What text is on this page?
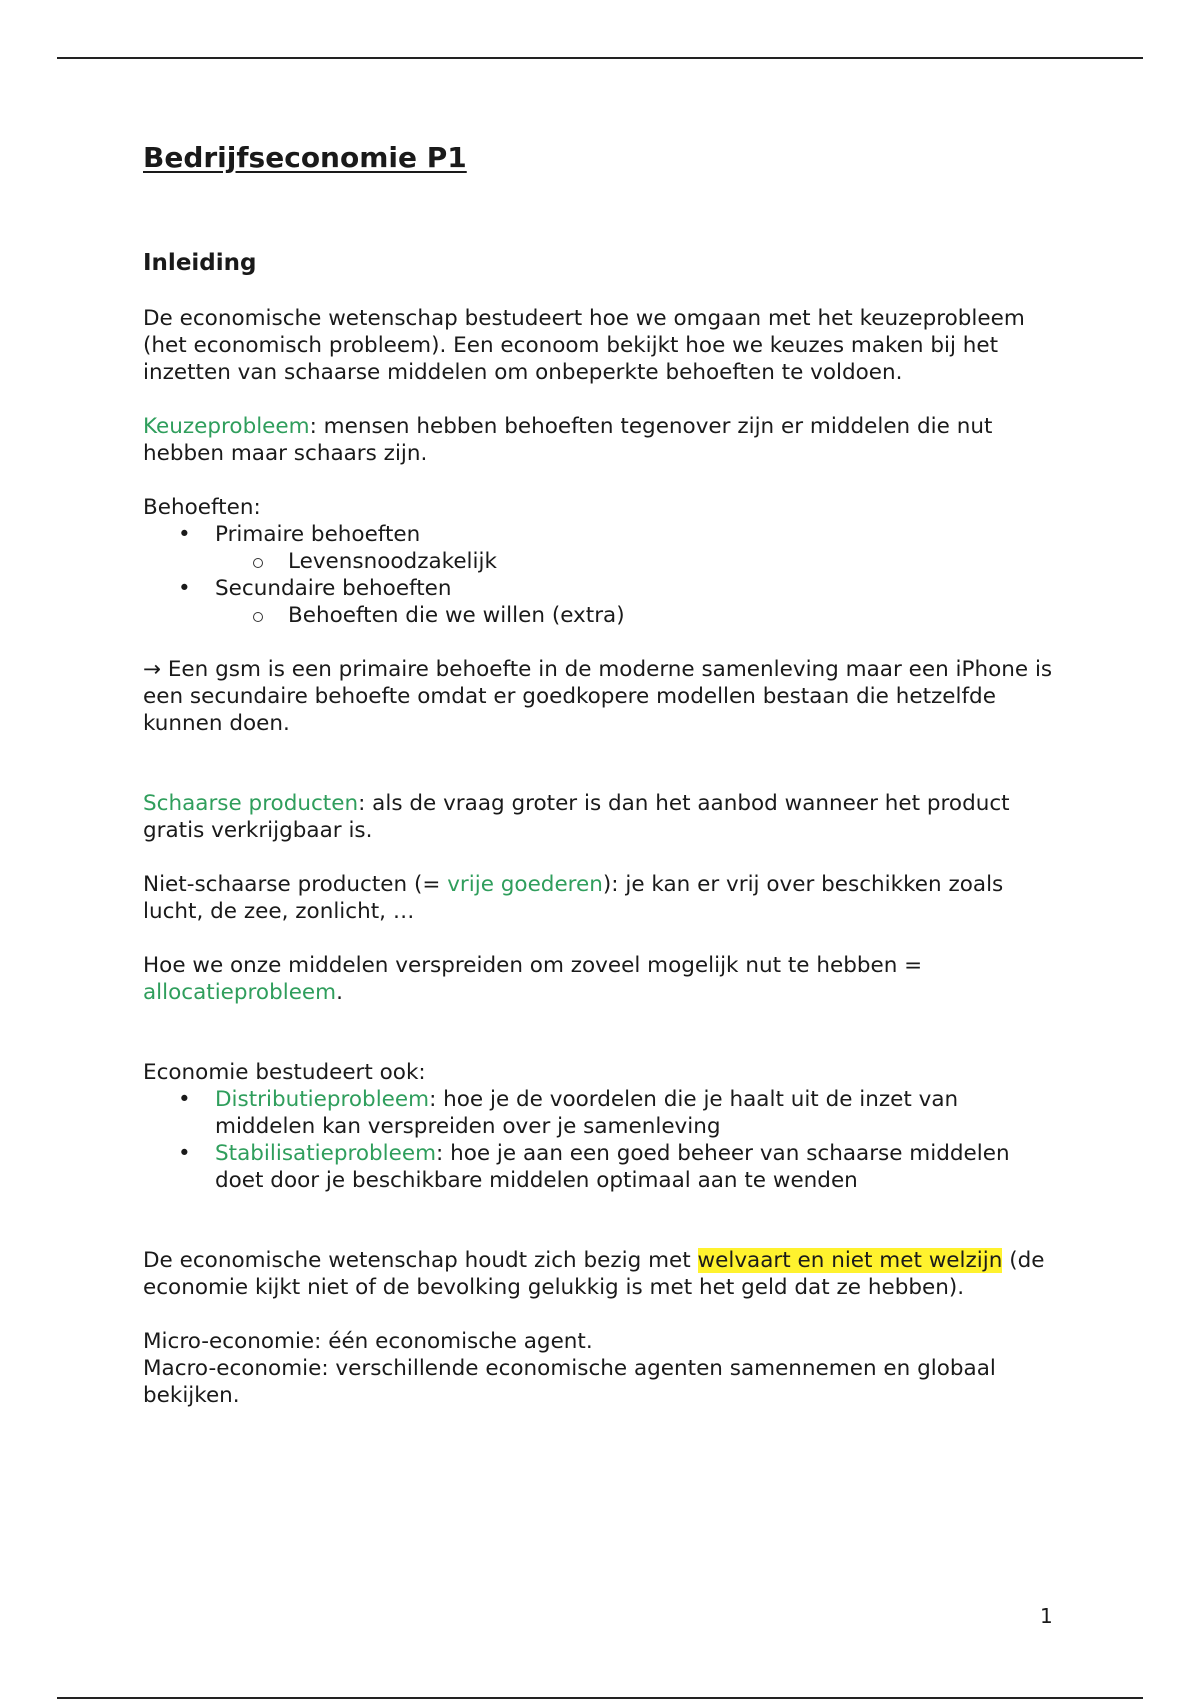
Bedrijfseconomie P1
Inleiding

De economische wetenschap bestudeert hoe we omgaan met het keuzeprobleem (het economisch probleem). Een econoom bekijkt hoe we keuzes maken bij het inzetten van schaarse middelen om onbeperkte behoeften te voldoen.

Keuzeprobleem: mensen hebben behoeften tegenover zijn er middelen die nut hebben maar schaars zijn.

Behoeften:

• Primaire behoeften
Levensnoodzakelijk
• Secundaire behoeften
Behoeften die we willen (extra)

→ Een gsm is een primaire behoefte in de moderne samenleving maar een iPhone is een secundaire behoefte omdat er goedkopere modellen bestaan die hetzelfde kunnen doen.

Schaarse producten: als de vraag groter is dan het aanbod wanneer het product gratis verkrijgbaar is.

Niet-schaarse producten (= vrije goederen): je kan er vrij over beschikken zoals lucht, de zee, zonlicht, …

Hoe we onze middelen verspreiden om zoveel mogelijk nut te hebben = allocatieprobleem.

Economie bestudeert ook:

• Distributieprobleem: hoe je de voordelen die je haalt uit de inzet van middelen kan verspreiden over je samenleving
• Stabilisatieprobleem: hoe je aan een goed beheer van schaarse middelen doet door je beschikbare middelen optimaal aan te wenden

De economische wetenschap houdt zich bezig met welvaart en niet met welzijn (de economie kijkt niet of de bevolking gelukkig is met het geld dat ze hebben).

Micro-economie: één economische agent.

Macro-economie: verschillende economische agenten samennemen en globaal bekijken.

1
